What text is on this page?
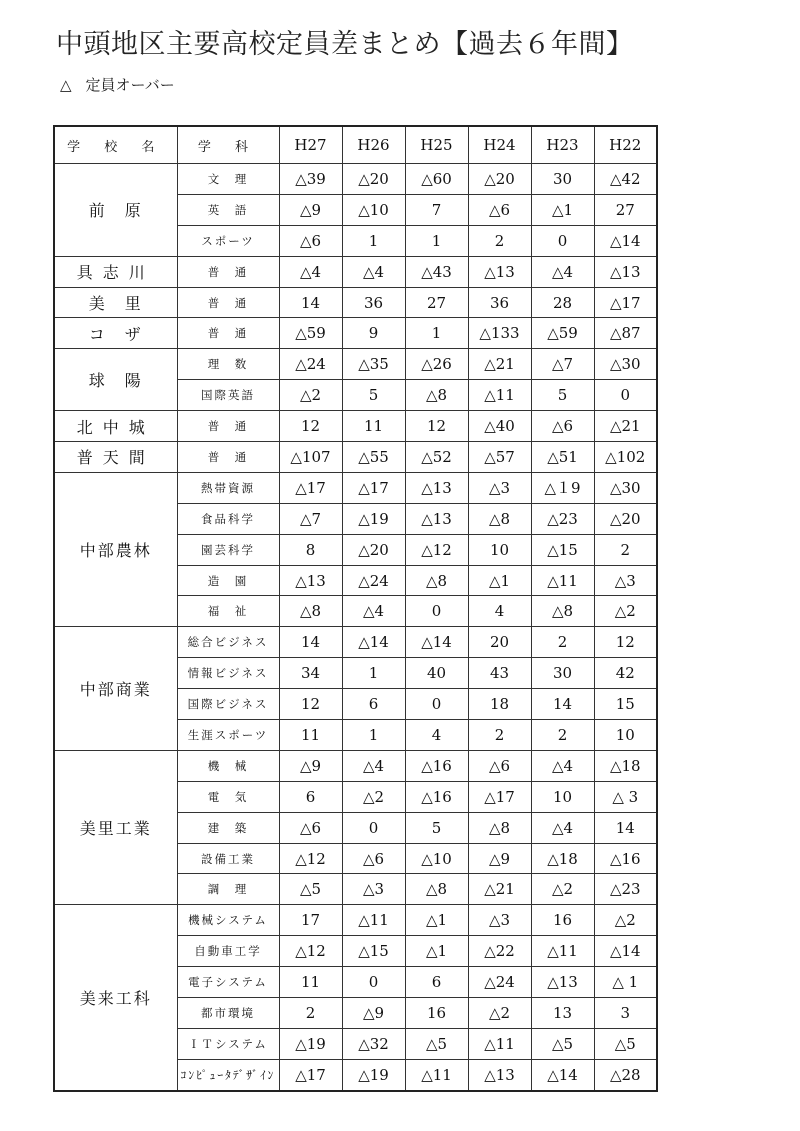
中頭地区主要高校定員差まとめ【過去６年間】
△ 定員オーバー
学 校 名	学 科	H27	H26	H25	H24	H23	H22
前　原	文　理	△39	△20	△60	△20	30	△42
	英　語	△9	△10	7	△6	△1	27
	スポーツ	△6	1	1	2	0	△14
具志川	普　通	△4	△4	△43	△13	△4	△13
美　里	普　通	14	36	27	36	28	△17
コ　ザ	普　通	△59	9	1	△133	△59	△87
球　陽	理　数	△24	△35	△26	△21	△7	△30
	国際英語	△2	5	△8	△11	5	0
北中城	普　通	12	11	12	△40	△6	△21
普天間	普　通	△107	△55	△52	△57	△51	△102
中部農林	熱帯資源	△17	△17	△13	△3	△１9	△30
	食品科学	△7	△19	△13	△8	△23	△20
	園芸科学	8	△20	△12	10	△15	2
	造　園	△13	△24	△8	△1	△11	△3
	福　祉	△8	△4	0	4	△8	△2
中部商業	総合ビジネス	14	△14	△14	20	2	12
	情報ビジネス	34	1	40	43	30	42
	国際ビジネス	12	6	0	18	14	15
	生涯スポーツ	11	1	4	2	2	10
美里工業	機　械	△9	△4	△16	△6	△4	△18
	電　気	6	△2	△16	△17	10	△ 3
	建　築	△6	0	5	△8	△4	14
	設備工業	△12	△6	△10	△9	△18	△16
	調　理	△5	△3	△8	△21	△2	△23
美来工科	機械システム	17	△11	△1	△3	16	△2
	自動車工学	△12	△15	△1	△22	△11	△14
	電子システム	11	0	6	△24	△13	△ 1
	都市環境	2	△9	16	△2	13	3
	ＩＴシステム	△19	△32	△5	△11	△5	△5
	ｺﾝﾋﾟｭｰﾀﾃﾞｻﾞｲﾝ	△17	△19	△11	△13	△14	△28
